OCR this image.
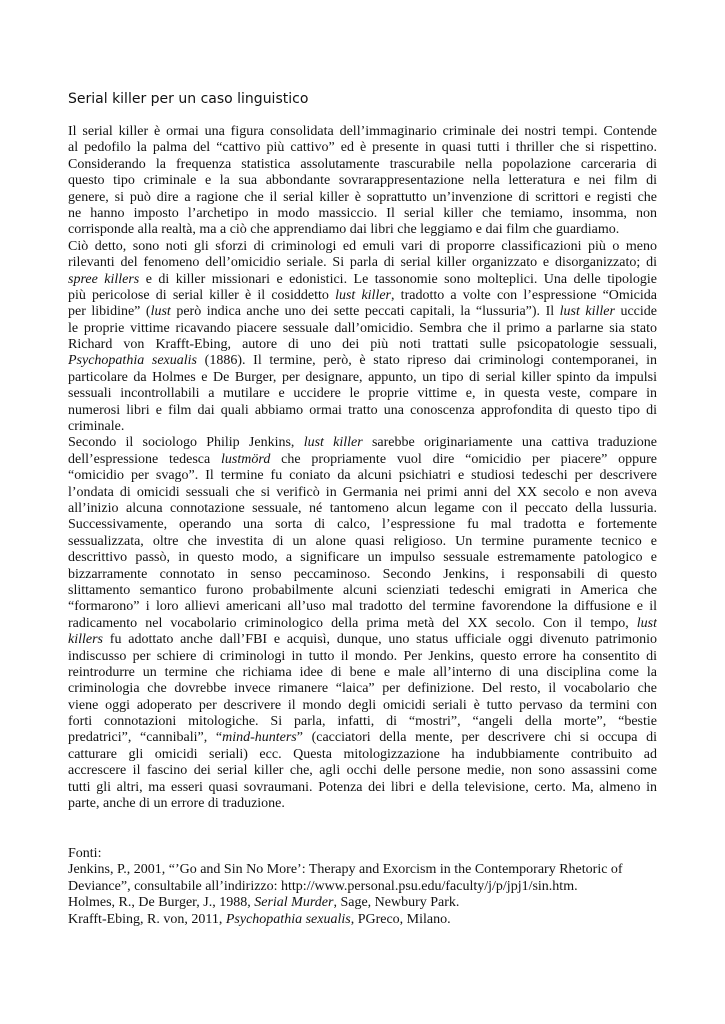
Serial killer per un caso linguistico
Il serial killer è ormai una figura consolidata dell’immaginario criminale dei nostri tempi. Contende
al pedofilo la palma del “cattivo più cattivo” ed è presente in quasi tutti i thriller che si rispettino.
Considerando la frequenza statistica assolutamente trascurabile nella popolazione carceraria di
questo tipo criminale e la sua abbondante sovrarappresentazione nella letteratura e nei film di
genere, si può dire a ragione che il serial killer è soprattutto un’invenzione di scrittori e registi che
ne hanno imposto l’archetipo in modo massiccio. Il serial killer che temiamo, insomma, non
corrisponde alla realtà, ma a ciò che apprendiamo dai libri che leggiamo e dai film che guardiamo.
Ciò detto, sono noti gli sforzi di criminologi ed emuli vari di proporre classificazioni più o meno
rilevanti del fenomeno dell’omicidio seriale. Si parla di serial killer organizzato e disorganizzato; di
spree killers e di killer missionari e edonistici. Le tassonomie sono molteplici. Una delle tipologie
più pericolose di serial killer è il cosiddetto lust killer, tradotto a volte con l’espressione “Omicida
per libidine” (lust però indica anche uno dei sette peccati capitali, la “lussuria”). Il lust killer uccide
le proprie vittime ricavando piacere sessuale dall’omicidio. Sembra che il primo a parlarne sia stato
Richard von Krafft-Ebing, autore di uno dei più noti trattati sulle psicopatologie sessuali,
Psychopathia sexualis (1886). Il termine, però, è stato ripreso dai criminologi contemporanei, in
particolare da Holmes e De Burger, per designare, appunto, un tipo di serial killer spinto da impulsi
sessuali incontrollabili a mutilare e uccidere le proprie vittime e, in questa veste, compare in
numerosi libri e film dai quali abbiamo ormai tratto una conoscenza approfondita di questo tipo di
criminale.
Secondo il sociologo Philip Jenkins, lust killer sarebbe originariamente una cattiva traduzione
dell’espressione tedesca lustmörd che propriamente vuol dire “omicidio per piacere” oppure
“omicidio per svago”. Il termine fu coniato da alcuni psichiatri e studiosi tedeschi per descrivere
l’ondata di omicidi sessuali che si verificò in Germania nei primi anni del XX secolo e non aveva
all’inizio alcuna connotazione sessuale, né tantomeno alcun legame con il peccato della lussuria.
Successivamente, operando una sorta di calco, l’espressione fu mal tradotta e fortemente
sessualizzata, oltre che investita di un alone quasi religioso. Un termine puramente tecnico e
descrittivo passò, in questo modo, a significare un impulso sessuale estremamente patologico e
bizzarramente connotato in senso peccaminoso. Secondo Jenkins, i responsabili di questo
slittamento semantico furono probabilmente alcuni scienziati tedeschi emigrati in America che
“formarono” i loro allievi americani all’uso mal tradotto del termine favorendone la diffusione e il
radicamento nel vocabolario criminologico della prima metà del XX secolo. Con il tempo, lust
killers fu adottato anche dall’FBI e acquisì, dunque, uno status ufficiale oggi divenuto patrimonio
indiscusso per schiere di criminologi in tutto il mondo. Per Jenkins, questo errore ha consentito di
reintrodurre un termine che richiama idee di bene e male all’interno di una disciplina come la
criminologia che dovrebbe invece rimanere “laica” per definizione. Del resto, il vocabolario che
viene oggi adoperato per descrivere il mondo degli omicidi seriali è tutto pervaso da termini con
forti connotazioni mitologiche. Si parla, infatti, di “mostri”, “angeli della morte”, “bestie
predatrici”, “cannibali”, “mind-hunters” (cacciatori della mente, per descrivere chi si occupa di
catturare gli omicidi seriali) ecc. Questa mitologizzazione ha indubbiamente contribuito ad
accrescere il fascino dei serial killer che, agli occhi delle persone medie, non sono assassini come
tutti gli altri, ma esseri quasi sovraumani. Potenza dei libri e della televisione, certo. Ma, almeno in
parte, anche di un errore di traduzione.
Fonti:
Jenkins, P., 2001, “’Go and Sin No More’: Therapy and Exorcism in the Contemporary Rhetoric of
Deviance”, consultabile all’indirizzo: http://www.personal.psu.edu/faculty/j/p/jpj1/sin.htm.
Holmes, R., De Burger, J., 1988, Serial Murder, Sage, Newbury Park.
Krafft-Ebing, R. von, 2011, Psychopathia sexualis, PGreco, Milano.
